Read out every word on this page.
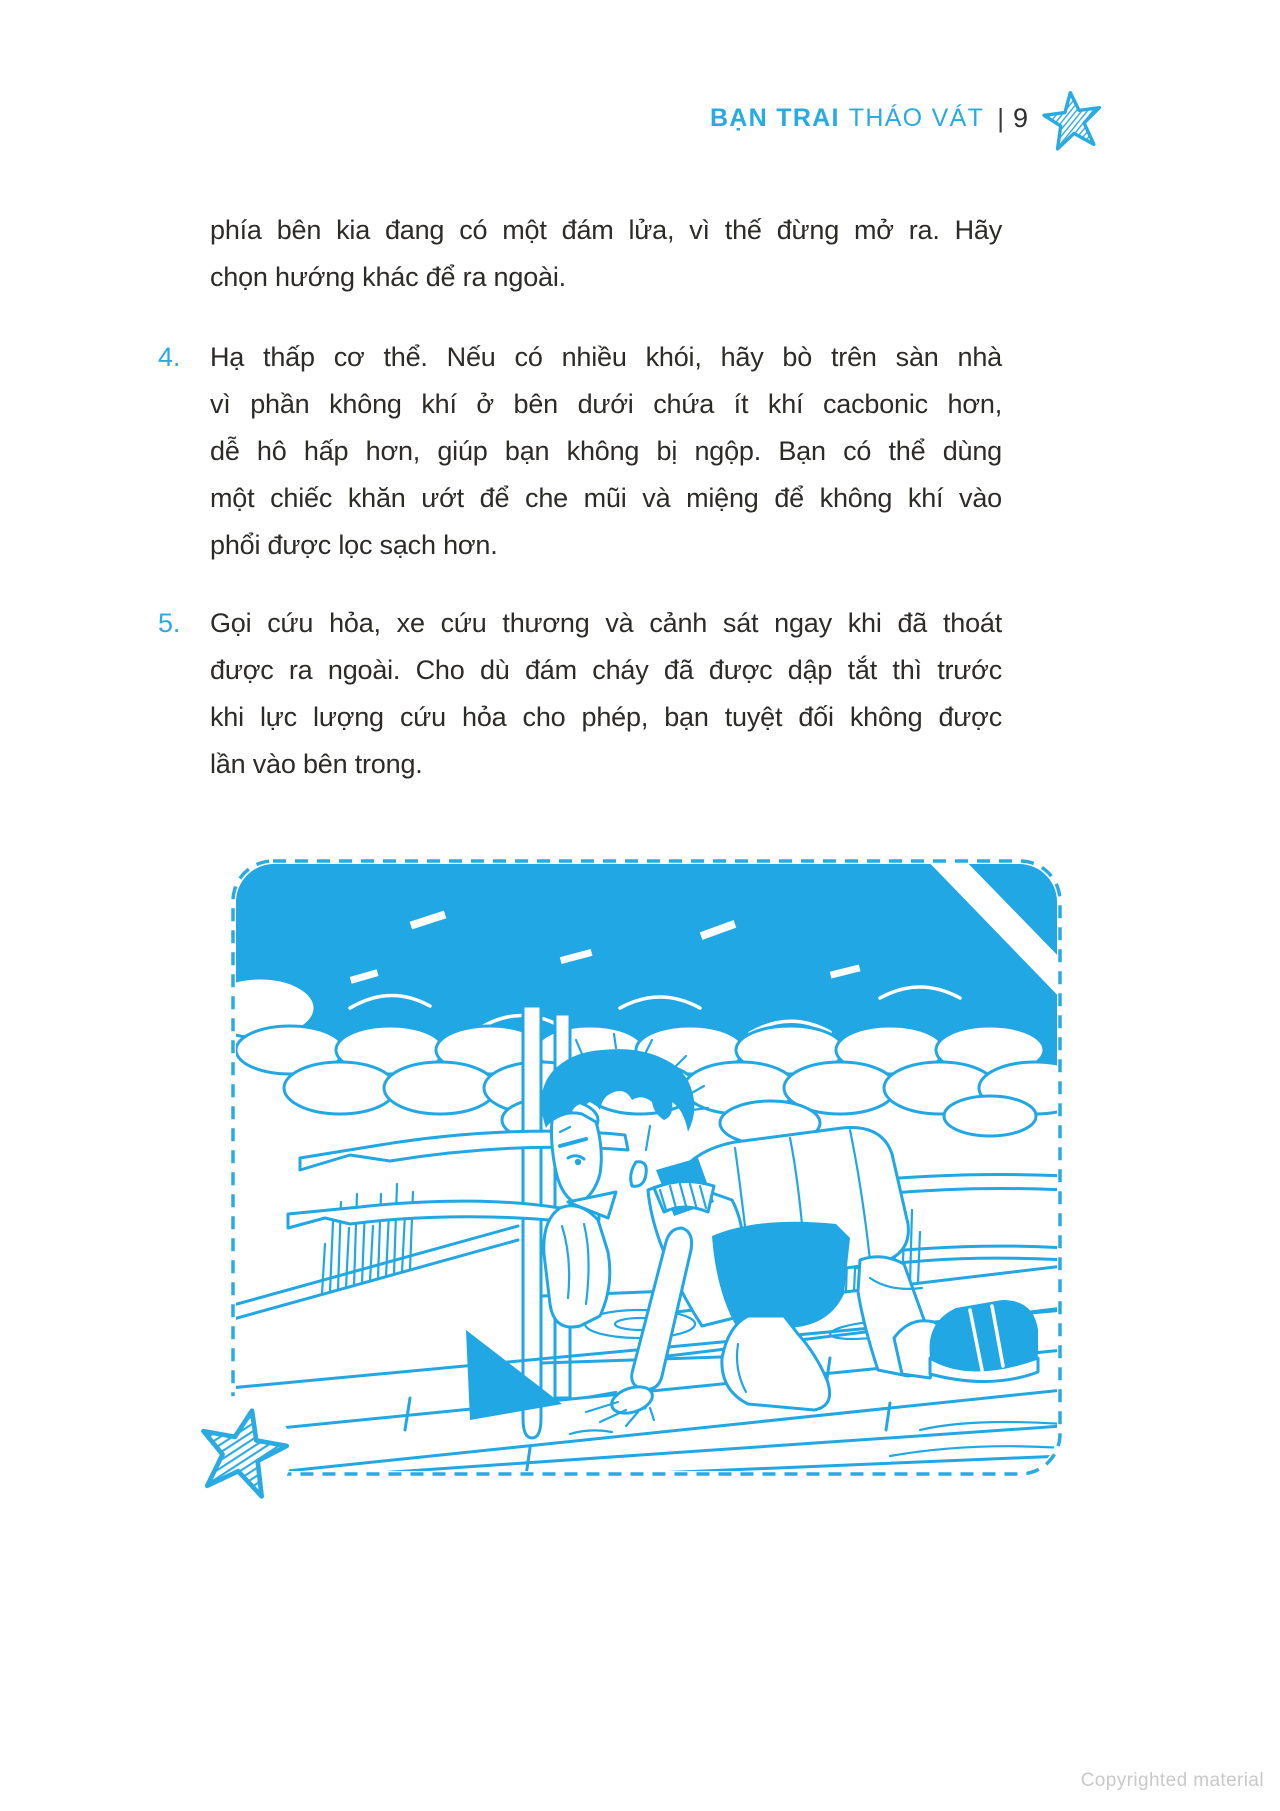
BẠN TRAI THÁO VÁT | 9
phía bên kia đang có một đám lửa, vì thế đừng mở ra. Hãy
chọn hướng khác để ra ngoài.
4. Hạ thấp cơ thể. Nếu có nhiều khói, hãy bò trên sàn nhà
vì phần không khí ở bên dưới chứa ít khí cacbonic hơn,
dễ hô hấp hơn, giúp bạn không bị ngộp. Bạn có thể dùng
một chiếc khăn ướt để che mũi và miệng để không khí vào
phổi được lọc sạch hơn.
5. Gọi cứu hỏa, xe cứu thương và cảnh sát ngay khi đã thoát
được ra ngoài. Cho dù đám cháy đã được dập tắt thì trước
khi lực lượng cứu hỏa cho phép, bạn tuyệt đối không được
lần vào bên trong.
Copyrighted material
